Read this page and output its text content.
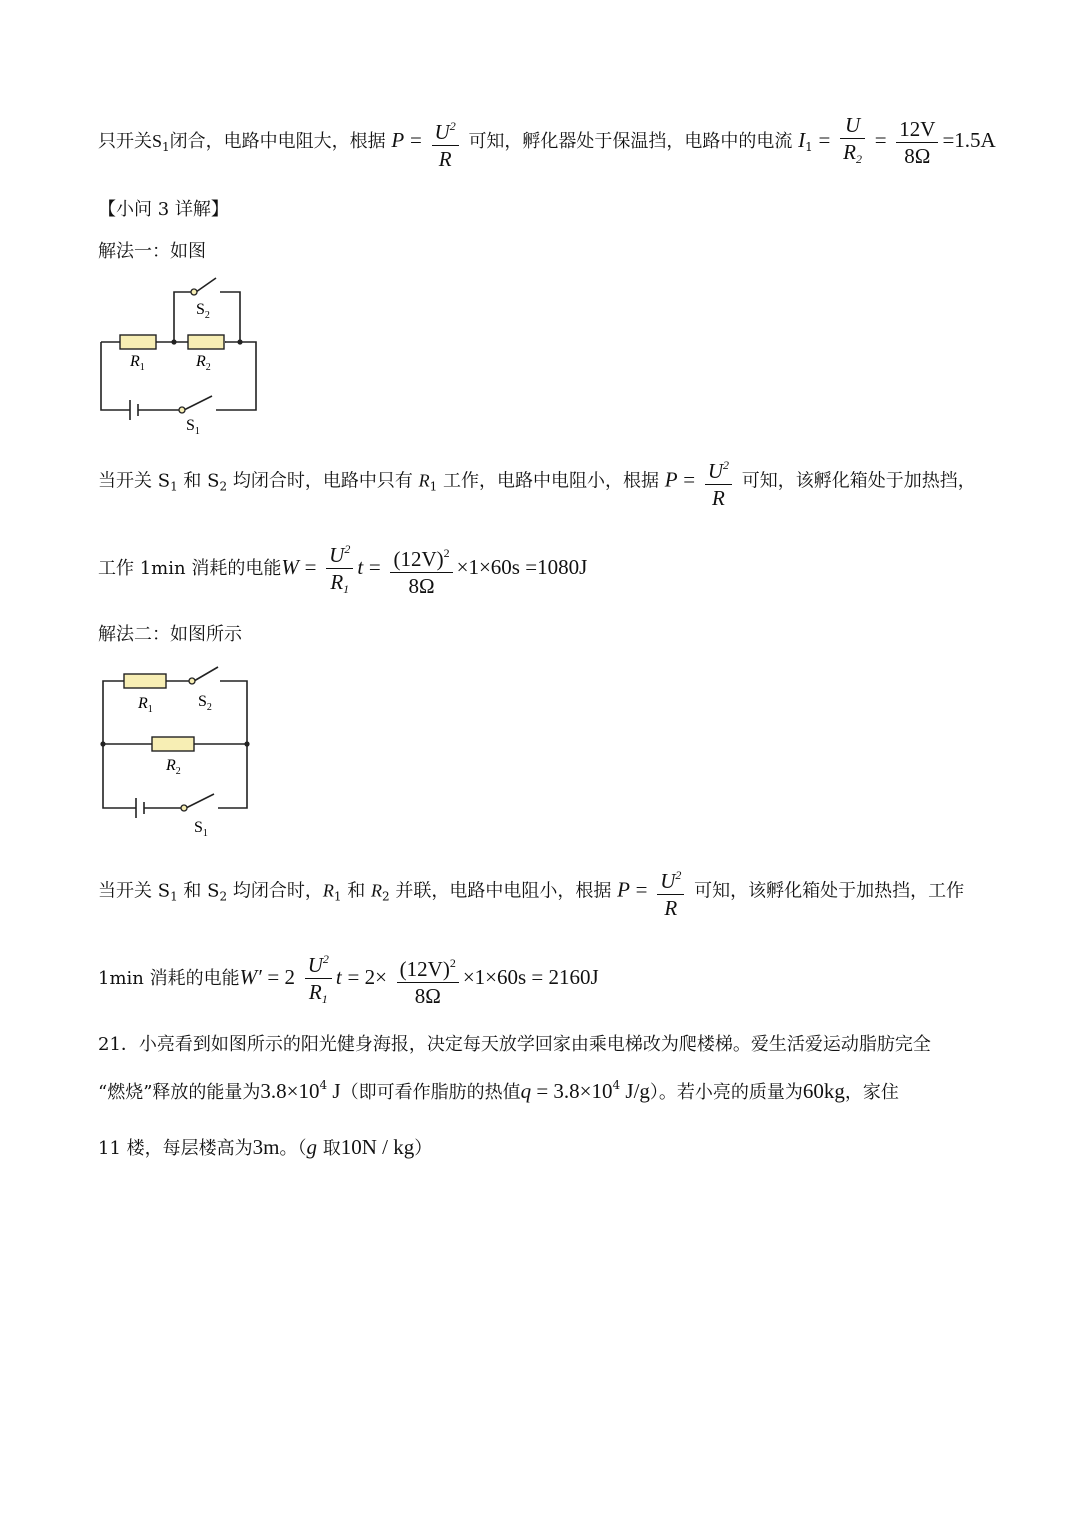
只开关$S_1$闭合，电路中电阻大，根据 $P = \frac{U^2}{R}$ 可知，孵化器处于保温挡，电路中的电流 $I_1 = \frac{U}{R_2} = \frac{12V}{8\Omega} =1.5A$
【小问 3 详解】
解法一：如图
$S_2$
$R_1$	$R_2$
$S_1$
当开关 $S_1$ 和 $S_2$ 均闭合时，电路中只有 $R_1$ 工作，电路中电阻小，根据 $P = \frac{U^2}{R}$ 可知，该孵化箱处于加热挡，
工作 1min 消耗的电能$W = \frac{U^2}{R_1}$ $t = \frac{(12V)^2}{8\Omega} \times 1\times 60s =1080J$
解法二：如图所示
$R_1$	$S_2$
$R_2$
$S_1$
当开关 $S_1$ 和 $S_2$ 均闭合时，$R_1$ 和 $R_2$ 并联，电路中电阻小，根据 $P = \frac{U^2}{R}$ 可知，该孵化箱处于加热挡，工作
1min 消耗的电能$W' = 2 \frac{U^2}{R_1}$ $t = 2\times \frac{(12V)^2}{8\Omega} \times 1\times 60s = 2160J$
21．小亮看到如图所示的阳光健身海报，决定每天放学回家由乘电梯改为爬楼梯。爱生活爱运动脂肪完全
“燃烧”释放的能量为$3.8\times 10^4$ J（即可看作脂肪的热值$q = 3.8\times 10^4$ J/g）。若小亮的质量为60kg，家住
11 楼，每层楼高为3m。（g 取10N / kg）
